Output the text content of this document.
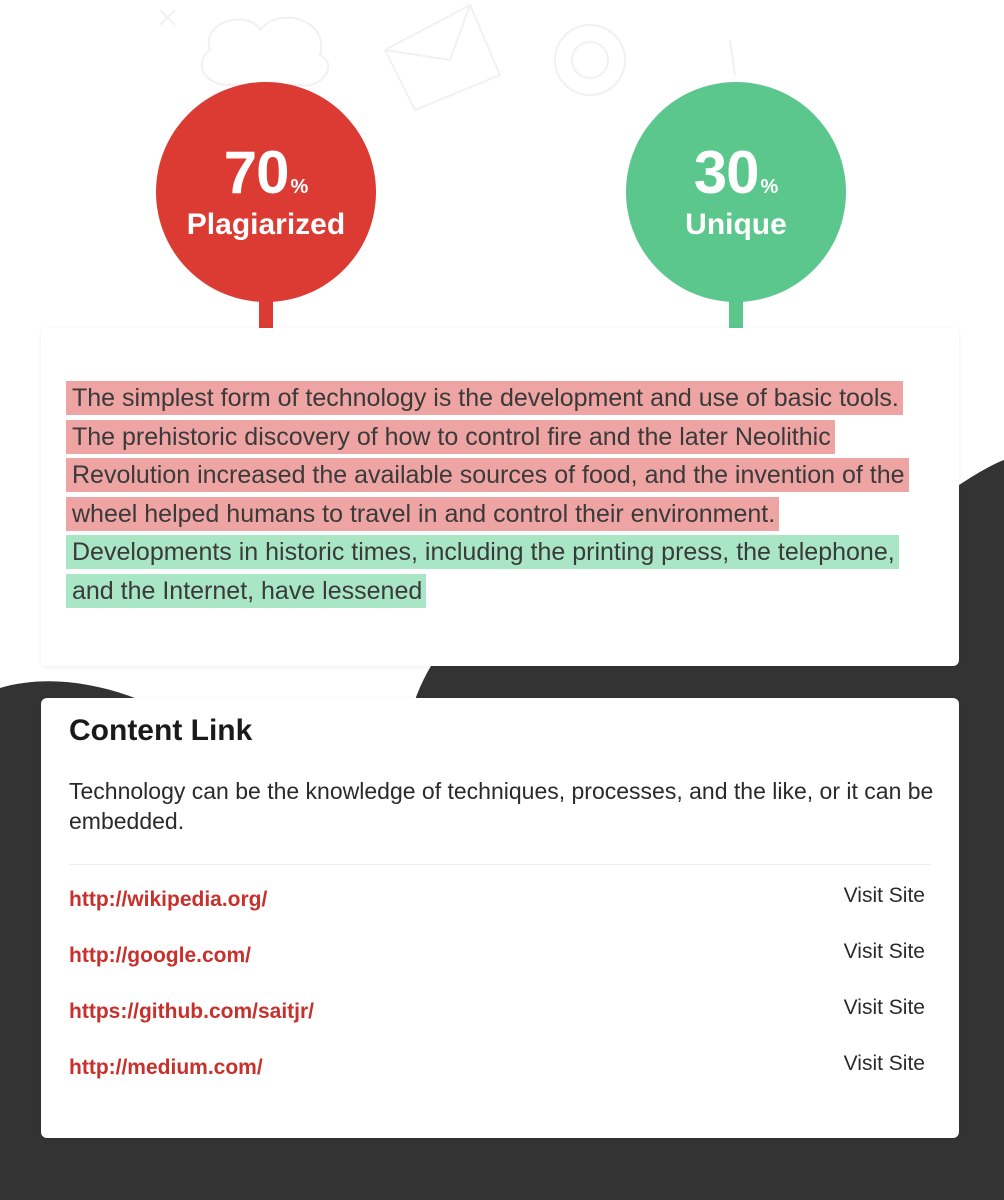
70 %
Plagiarized
30 %
Unique

The simplest form of technology is the development and use of basic tools. The prehistoric discovery of how to control fire and the later Neolithic Revolution increased the available sources of food, and the invention of the wheel helped humans to travel in and control their environment. Developments in historic times, including the printing press, the telephone, and the Internet, have lessened

Content Link

Technology can be the knowledge of techniques, processes, and the like, or it can be embedded.

http://wikipedia.org/	Visit Site
http://google.com/	Visit Site
https://github.com/saitjr/	Visit Site
http://medium.com/	Visit Site
